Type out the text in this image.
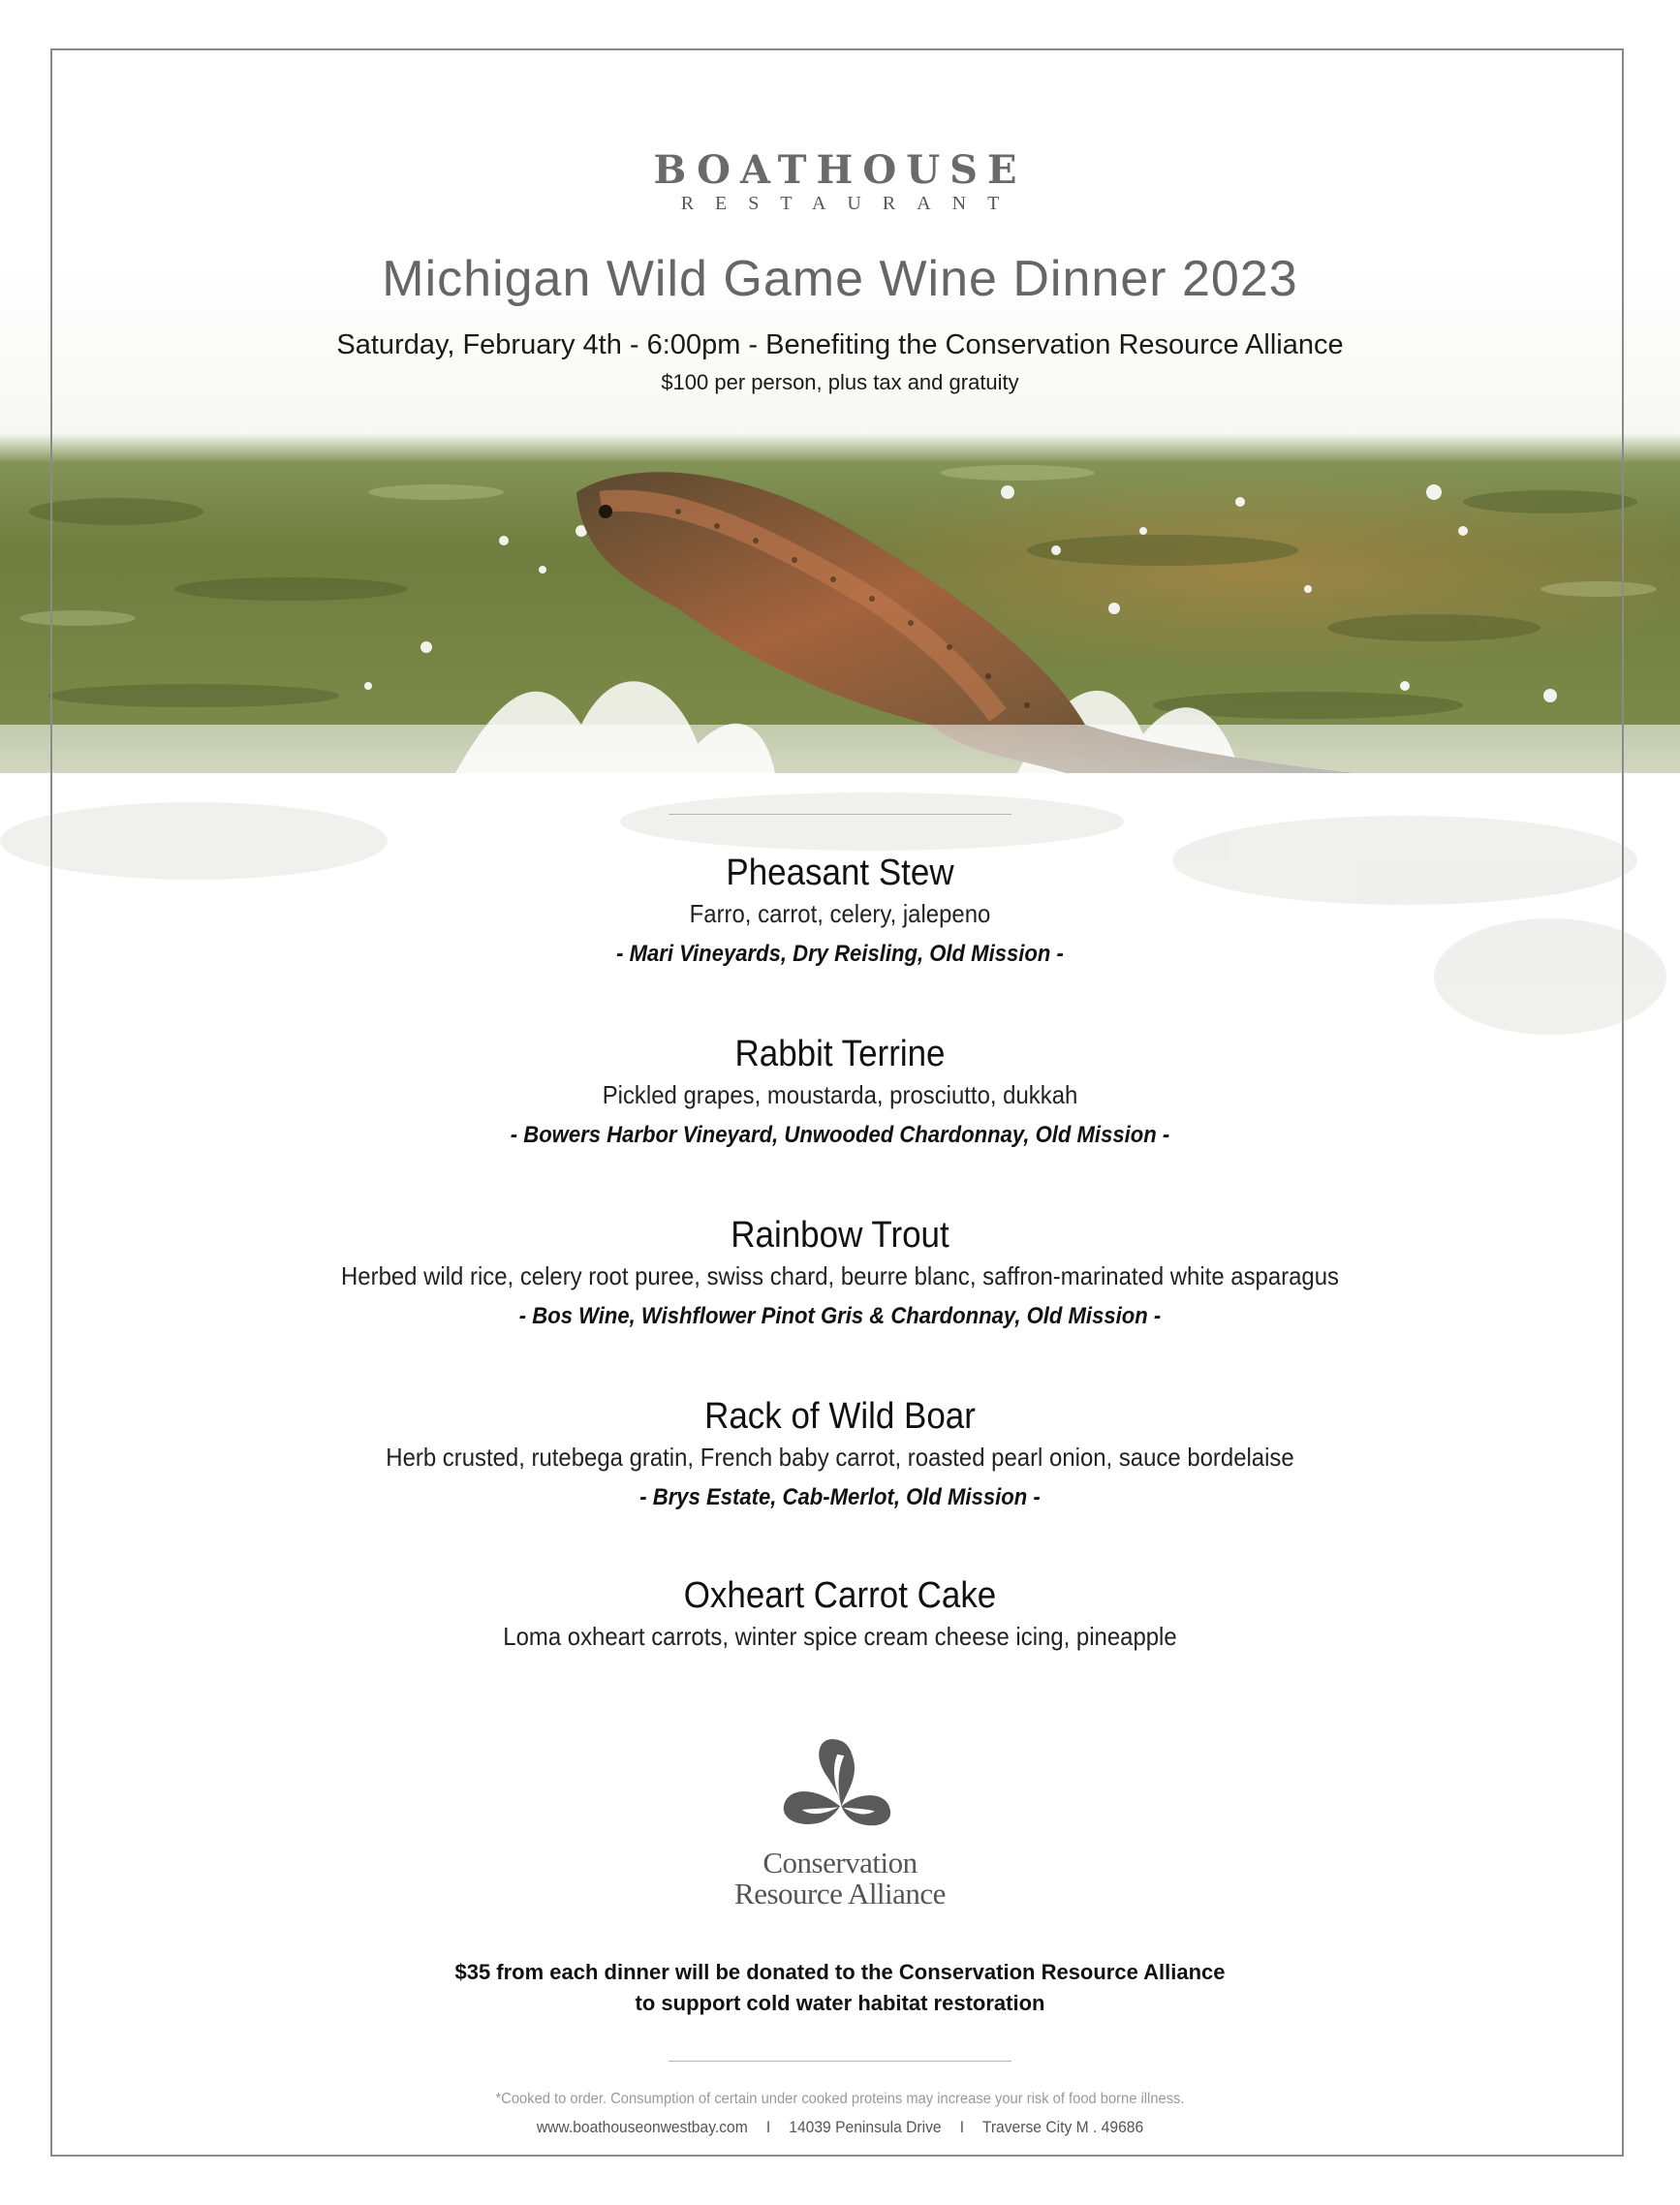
BOATHOUSE
RESTAURANT
Michigan Wild Game Wine Dinner 2023
Saturday, February 4th - 6:00pm - Benefiting the Conservation Resource Alliance
$100 per person, plus tax and gratuity
Pheasant Stew
Farro, carrot, celery, jalepeno
- Mari Vineyards, Dry Reisling, Old Mission -
Rabbit Terrine
Pickled grapes, moustarda, prosciutto, dukkah
- Bowers Harbor Vineyard, Unwooded Chardonnay, Old Mission -
Rainbow Trout
Herbed wild rice, celery root puree, swiss chard, beurre blanc, saffron-marinated white asparagus
- Bos Wine, Wishflower Pinot Gris & Chardonnay, Old Mission -
Rack of Wild Boar
Herb crusted, rutebega gratin, French baby carrot, roasted pearl onion, sauce bordelaise
- Brys Estate, Cab-Merlot, Old Mission -
Oxheart Carrot Cake
Loma oxheart carrots, winter spice cream cheese icing, pineapple
Conservation
Resource Alliance
$35 from each dinner will be donated to the Conservation Resource Alliance
to support cold water habitat restoration
*Cooked to order. Consumption of certain under cooked proteins may increase your risk of food borne illness.
www.boathouseonwestbay.com I 14039 Peninsula Drive I Traverse City M . 49686
